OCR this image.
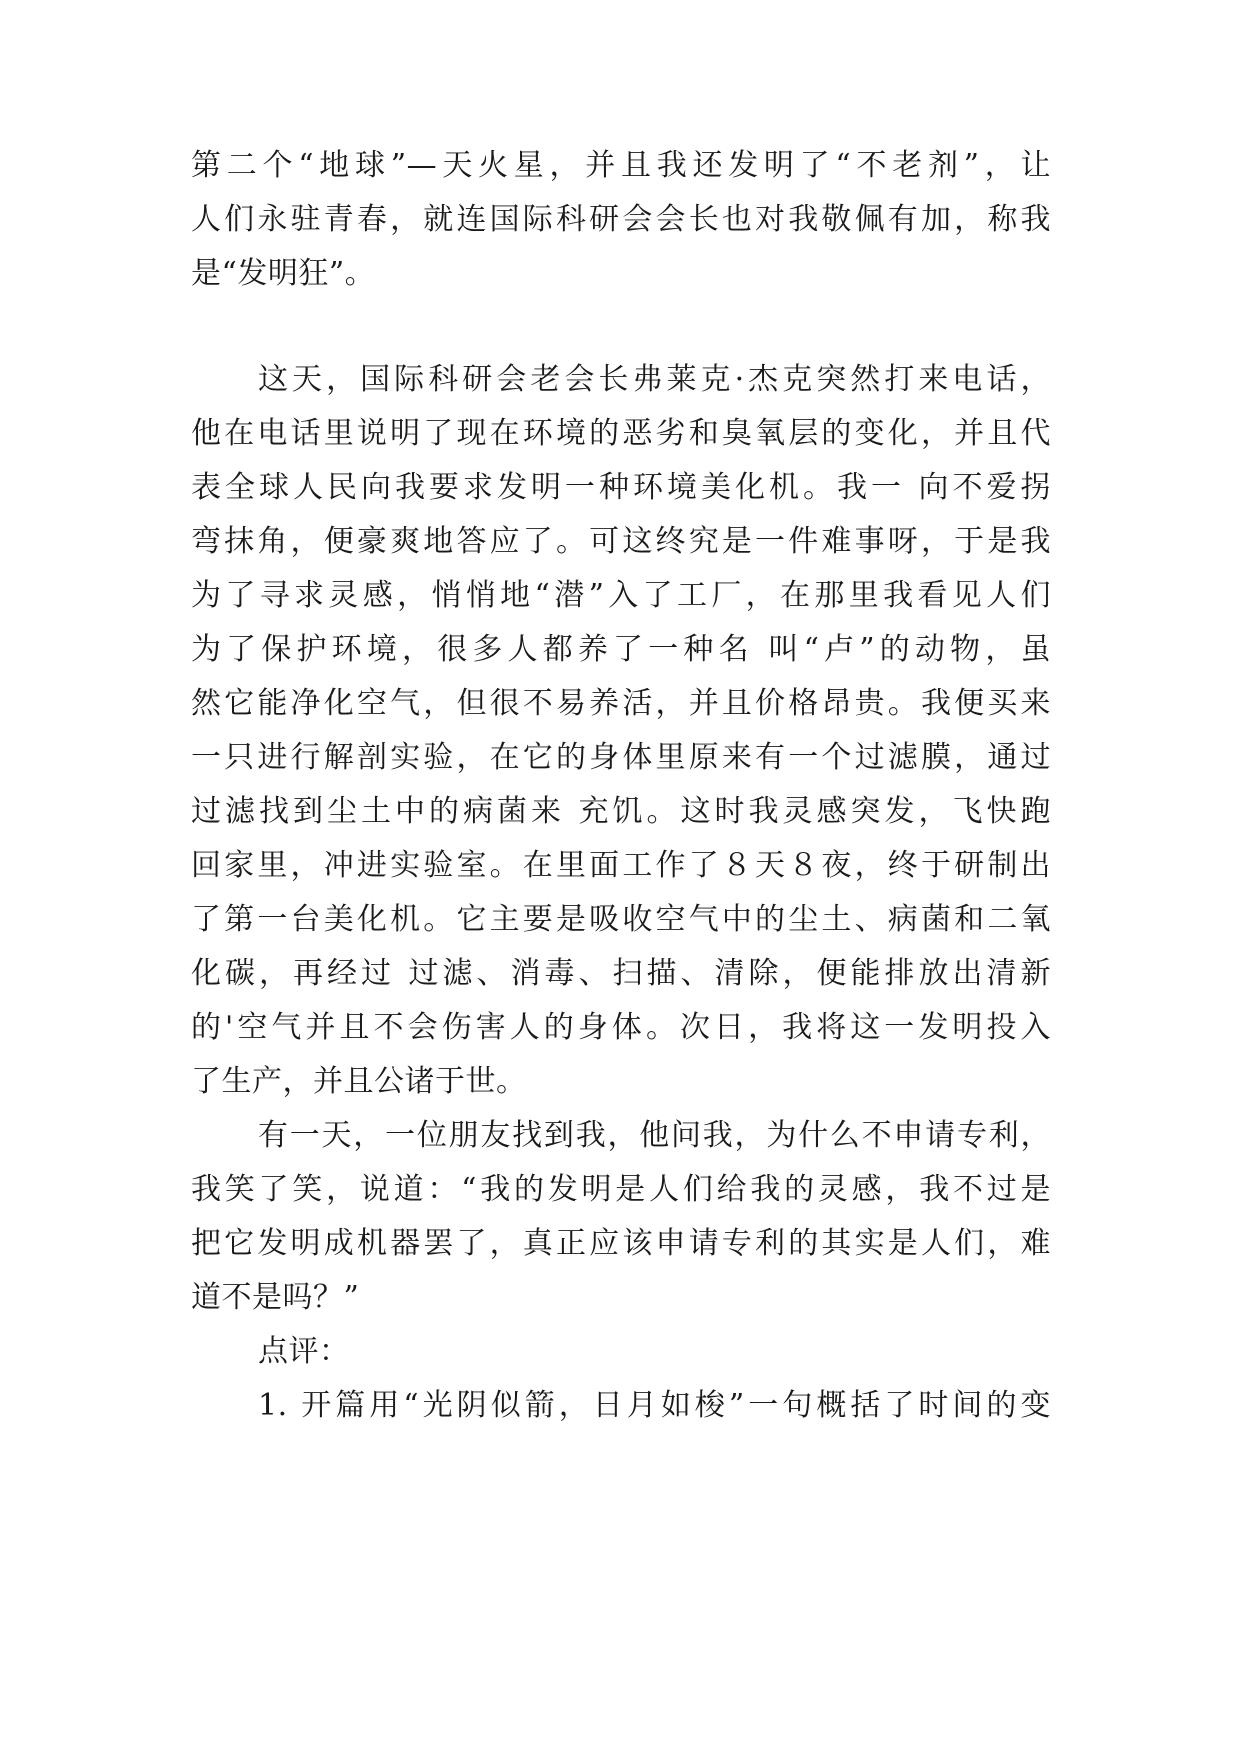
第二个“地球”—天火星，并且我还发明了“不老剂”，让
人们永驻青春，就连国际科研会会长也对我敬佩有加，称我
是“发明狂”。
这天，国际科研会老会长弗莱克·杰克突然打来电话，
他在电话里说明了现在环境的恶劣和臭氧层的变化，并且代
表全球人民向我要求发明一种环境美化机。我一 向不爱拐
弯抹角，便豪爽地答应了。可这终究是一件难事呀，于是我
为了寻求灵感，悄悄地“潜”入了工厂，在那里我看见人们
为了保护环境，很多人都养了一种名 叫“卢”的动物，虽
然它能净化空气，但很不易养活，并且价格昂贵。我便买来
一只进行解剖实验，在它的身体里原来有一个过滤膜，通过
过滤找到尘土中的病菌来 充饥。这时我灵感突发，飞快跑
回家里，冲进实验室。在里面工作了８天８夜，终于研制出
了第一台美化机。它主要是吸收空气中的尘土、病菌和二氧
化碳，再经过 过滤、消毒、扫描、清除，便能排放出清新
的'空气并且不会伤害人的身体。次日，我将这一发明投入
了生产，并且公诸于世。
有一天，一位朋友找到我，他问我，为什么不申请专利，
我笑了笑，说道：“我的发明是人们给我的灵感，我不过是
把它发明成机器罢了，真正应该申请专利的其实是人们，难
道不是吗？”
点评：
1. 开篇用“光阴似箭，日月如梭”一句概括了时间的变
